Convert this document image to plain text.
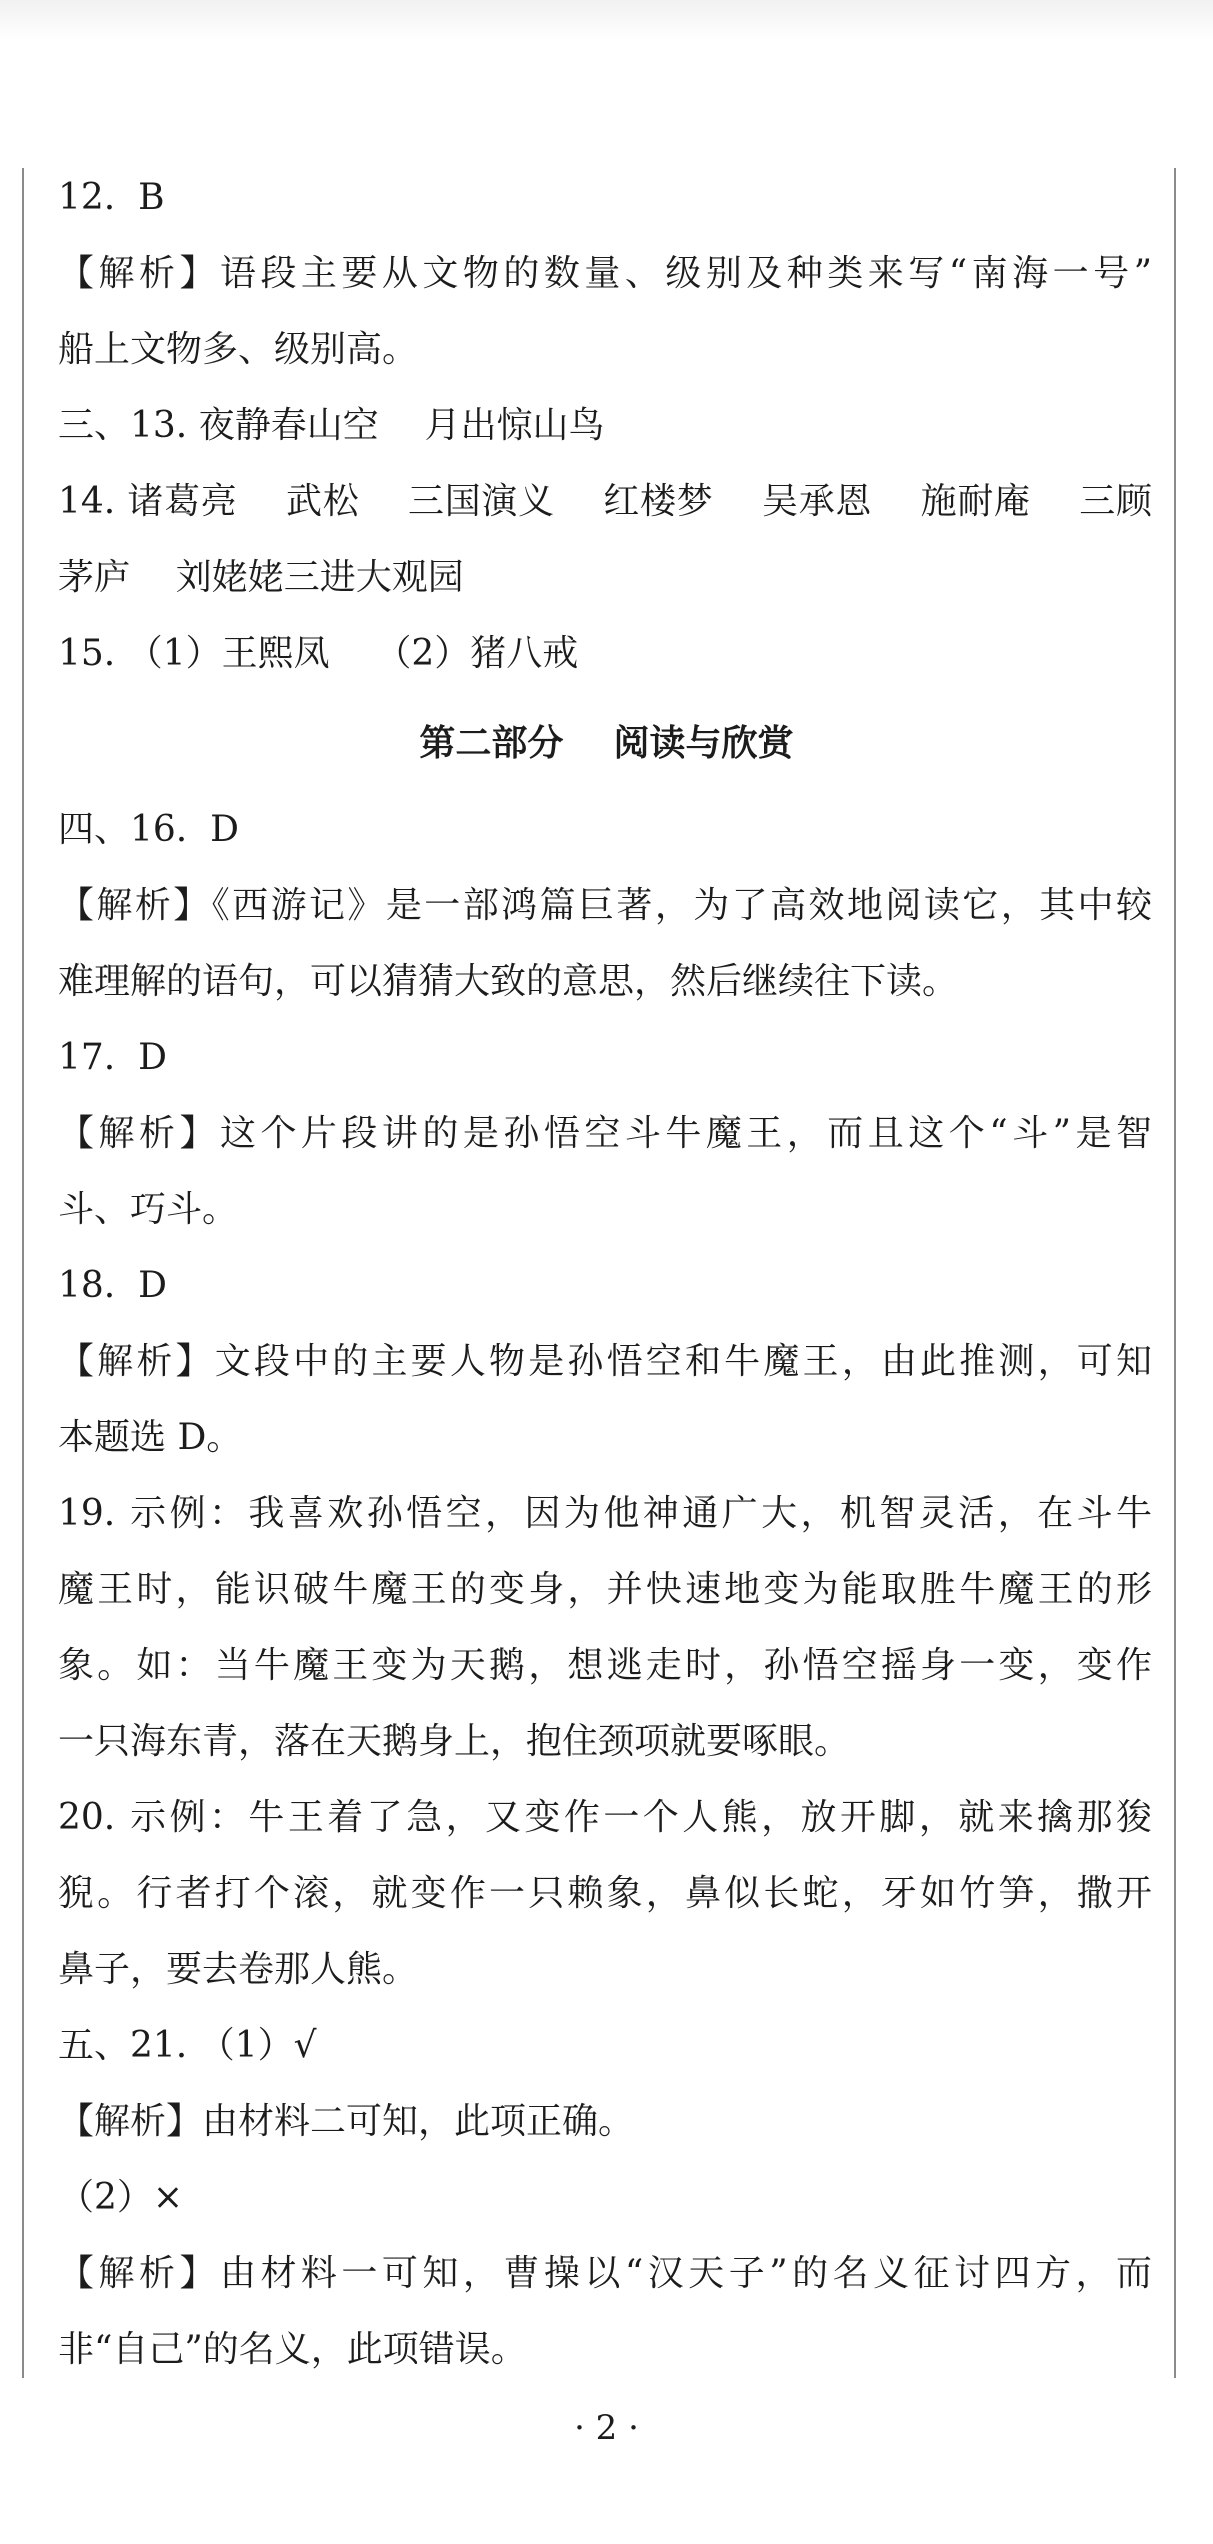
12.  B
【解析】语段主要从文物的数量、级别及种类来写“南海一号”
船上文物多、级别高。
三、13. 夜静春山空    月出惊山鸟
14. 诸葛亮    武松    三国演义    红楼梦    吴承恩    施耐庵    三顾
茅庐    刘姥姥三进大观园
15. （1）王熙凤    （2）猪八戒
第二部分    阅读与欣赏
四、16.  D
【解析】《西游记》是一部鸿篇巨著，为了高效地阅读它，其中较
难理解的语句，可以猜猜大致的意思，然后继续往下读。
17.  D
【解析】这个片段讲的是孙悟空斗牛魔王，而且这个“斗”是智
斗、巧斗。
18.  D
【解析】文段中的主要人物是孙悟空和牛魔王，由此推测，可知
本题选 D。
19. 示例：我喜欢孙悟空，因为他神通广大，机智灵活，在斗牛
魔王时，能识破牛魔王的变身，并快速地变为能取胜牛魔王的形
象。如：当牛魔王变为天鹅，想逃走时，孙悟空摇身一变，变作
一只海东青，落在天鹅身上，抱住颈项就要啄眼。
20. 示例：牛王着了急，又变作一个人熊，放开脚，就来擒那狻
猊。行者打个滚，就变作一只赖象，鼻似长蛇，牙如竹笋，撒开
鼻子，要去卷那人熊。
五、21. （1）√
【解析】由材料二可知，此项正确。
（2）×
【解析】由材料一可知，曹操以“汉天子”的名义征讨四方，而
非“自己”的名义，此项错误。
· 2 ·
